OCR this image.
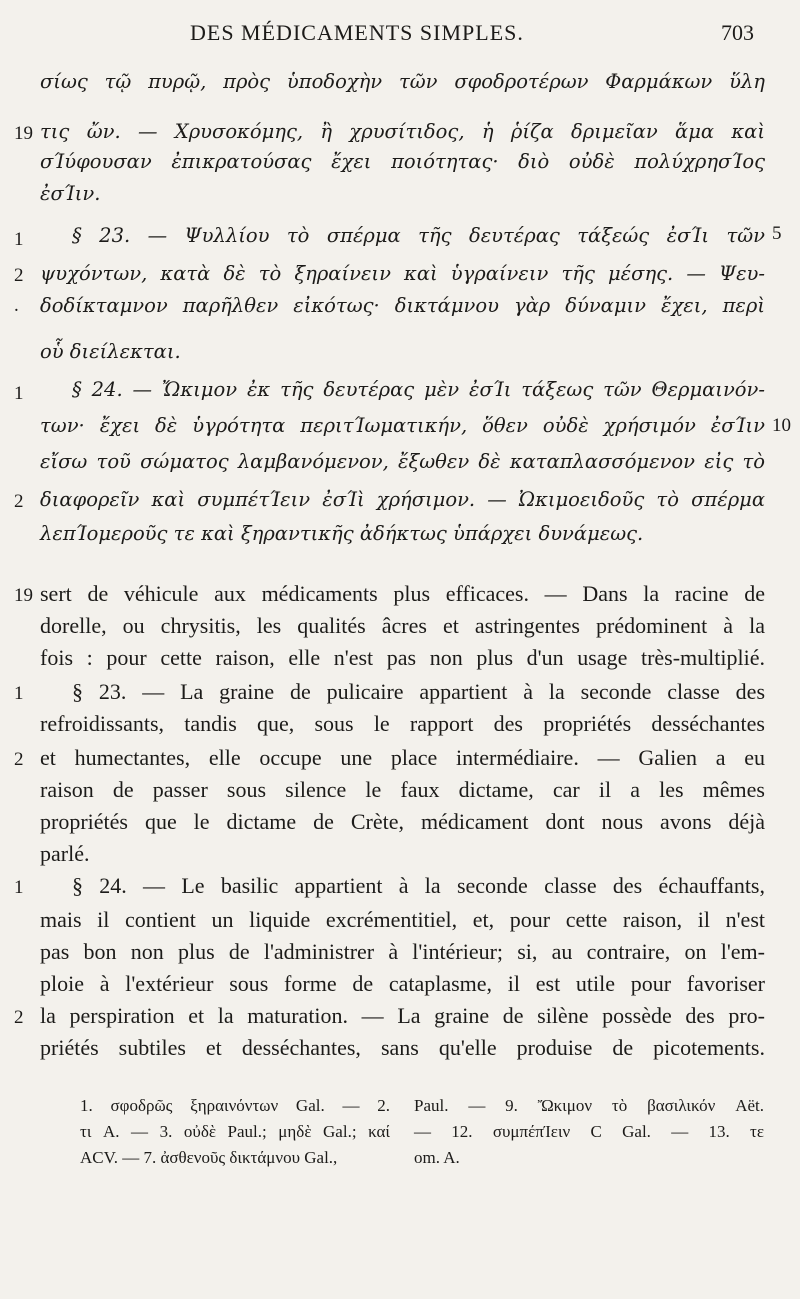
DES MÉDICAMENTS SIMPLES.	703
σίως τῷ πυρῷ, πρὸς ὑποδοχὴν τῶν σφοδροτέρων Φαρμάκων ὕλη
τις ὤν. — Χρυσοκόμης, ἢ χρυσίτιδος, ἡ ῥίζα δριμεῖαν ἅμα καὶ
σΊύφουσαν ἐπικρατούσας ἔχει ποιότητας· διὸ οὐδὲ πολύχρησΊος
ἐσΊιν.
§ 23. — Ψυλλίου τὸ σπέρμα τῆς δευτέρας τάξεώς ἐσΊι τῶν
ψυχόντων, κατὰ δὲ τὸ ξηραίνειν καὶ ὑγραίνειν τῆς μέσης. — Ψευ-
δοδίκταμνον παρῆλθεν εἰκότως· δικτάμνου γὰρ δύναμιν ἔχει, περὶ
οὗ διείλεκται.
§ 24. — Ὤκιμον ἐκ τῆς δευτέρας μὲν ἐσΊι τάξεως τῶν Θερμαινόν-
των· ἔχει δὲ ὑγρότητα περιτΊωματικήν, ὅθεν οὐδὲ χρήσιμόν ἐσΊιν
εἴσω τοῦ σώματος λαμβανόμενον, ἔξωθεν δὲ καταπλασσόμενον εἰς τὸ
διαφορεῖν καὶ συμπέτΊειν ἐσΊὶ χρήσιμον. — Ὠκιμοειδοῦς τὸ σπέρμα
λεπΊομεροῦς τε καὶ ξηραντικῆς ἀδήκτως ὑπάρχει δυνάμεως.
19
1	5
2
.
1
10
2
sert de véhicule aux médicaments plus efficaces. — Dans la racine de
dorelle, ou chrysitis, les qualités âcres et astringentes prédominent à la
fois : pour cette raison, elle n'est pas non plus d'un usage très-multiplié.
§ 23. — La graine de pulicaire appartient à la seconde classe des
refroidissants, tandis que, sous le rapport des propriétés desséchantes
et humectantes, elle occupe une place intermédiaire. — Galien a eu
raison de passer sous silence le faux dictame, car il a les mêmes
propriétés que le dictame de Crète, médicament dont nous avons déjà
parlé.
§ 24. — Le basilic appartient à la seconde classe des échauffants,
mais il contient un liquide excrémentitiel, et, pour cette raison, il n'est
pas bon non plus de l'administrer à l'intérieur; si, au contraire, on l'em-
ploie à l'extérieur sous forme de cataplasme, il est utile pour favoriser
la perspiration et la maturation. — La graine de silène possède des pro-
priétés subtiles et desséchantes, sans qu'elle produise de picotements.
19
1
2
1
2
1. σφοδρῶς ξηραινόντων Gal. — 2.
τι A. — 3. οὐδὲ Paul.; μηδὲ Gal.; καί
ACV. — 7. ἀσθενοῦς δικτάμνου Gal.,
Paul. — 9. Ὤκιμον τὸ βασιλικόν Aët.
— 12. συμπέπΊειν C Gal. — 13. τε
om. A.
